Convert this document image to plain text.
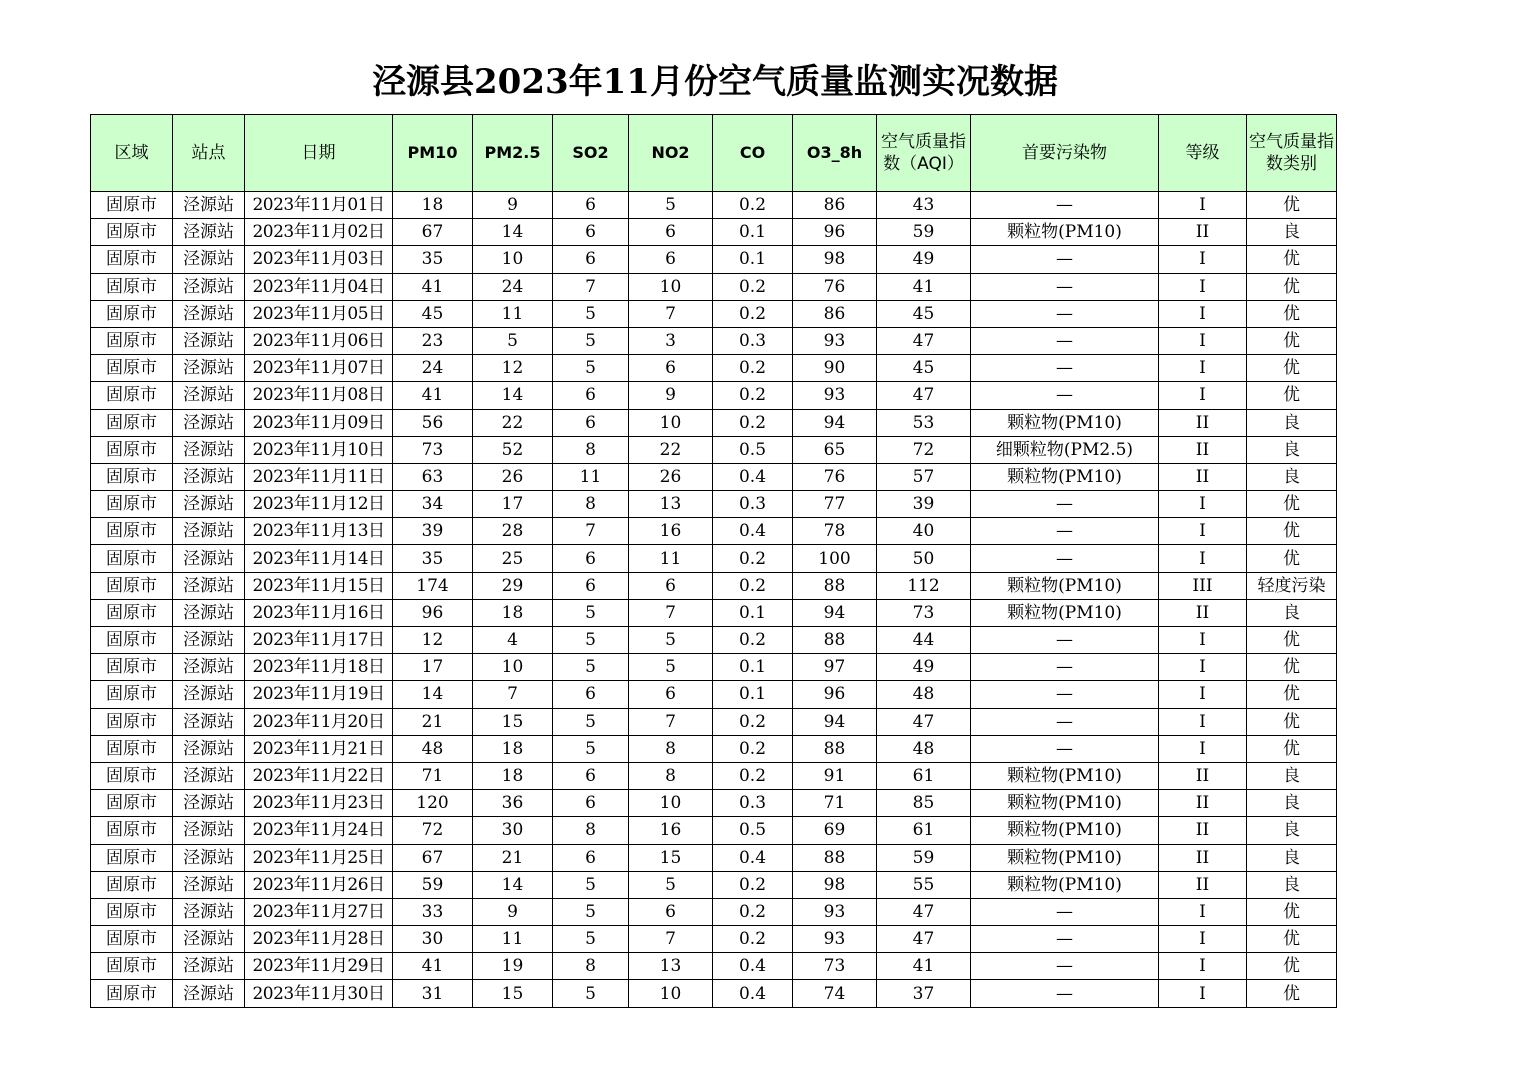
泾源县2023年11月份空气质量监测实况数据
区域	站点	日期	PM10	PM2.5	SO2	NO2	CO	O3_8h	空气质量指数（AQI）	首要污染物	等级	空气质量指数类别
固原市	泾源站	2023年11月01日	18	9	6	5	0.2	86	43	—	I	优
固原市	泾源站	2023年11月02日	67	14	6	6	0.1	96	59	颗粒物(PM10)	II	良
固原市	泾源站	2023年11月03日	35	10	6	6	0.1	98	49	—	I	优
固原市	泾源站	2023年11月04日	41	24	7	10	0.2	76	41	—	I	优
固原市	泾源站	2023年11月05日	45	11	5	7	0.2	86	45	—	I	优
固原市	泾源站	2023年11月06日	23	5	5	3	0.3	93	47	—	I	优
固原市	泾源站	2023年11月07日	24	12	5	6	0.2	90	45	—	I	优
固原市	泾源站	2023年11月08日	41	14	6	9	0.2	93	47	—	I	优
固原市	泾源站	2023年11月09日	56	22	6	10	0.2	94	53	颗粒物(PM10)	II	良
固原市	泾源站	2023年11月10日	73	52	8	22	0.5	65	72	细颗粒物(PM2.5)	II	良
固原市	泾源站	2023年11月11日	63	26	11	26	0.4	76	57	颗粒物(PM10)	II	良
固原市	泾源站	2023年11月12日	34	17	8	13	0.3	77	39	—	I	优
固原市	泾源站	2023年11月13日	39	28	7	16	0.4	78	40	—	I	优
固原市	泾源站	2023年11月14日	35	25	6	11	0.2	100	50	—	I	优
固原市	泾源站	2023年11月15日	174	29	6	6	0.2	88	112	颗粒物(PM10)	III	轻度污染
固原市	泾源站	2023年11月16日	96	18	5	7	0.1	94	73	颗粒物(PM10)	II	良
固原市	泾源站	2023年11月17日	12	4	5	5	0.2	88	44	—	I	优
固原市	泾源站	2023年11月18日	17	10	5	5	0.1	97	49	—	I	优
固原市	泾源站	2023年11月19日	14	7	6	6	0.1	96	48	—	I	优
固原市	泾源站	2023年11月20日	21	15	5	7	0.2	94	47	—	I	优
固原市	泾源站	2023年11月21日	48	18	5	8	0.2	88	48	—	I	优
固原市	泾源站	2023年11月22日	71	18	6	8	0.2	91	61	颗粒物(PM10)	II	良
固原市	泾源站	2023年11月23日	120	36	6	10	0.3	71	85	颗粒物(PM10)	II	良
固原市	泾源站	2023年11月24日	72	30	8	16	0.5	69	61	颗粒物(PM10)	II	良
固原市	泾源站	2023年11月25日	67	21	6	15	0.4	88	59	颗粒物(PM10)	II	良
固原市	泾源站	2023年11月26日	59	14	5	5	0.2	98	55	颗粒物(PM10)	II	良
固原市	泾源站	2023年11月27日	33	9	5	6	0.2	93	47	—	I	优
固原市	泾源站	2023年11月28日	30	11	5	7	0.2	93	47	—	I	优
固原市	泾源站	2023年11月29日	41	19	8	13	0.4	73	41	—	I	优
固原市	泾源站	2023年11月30日	31	15	5	10	0.4	74	37	—	I	优
